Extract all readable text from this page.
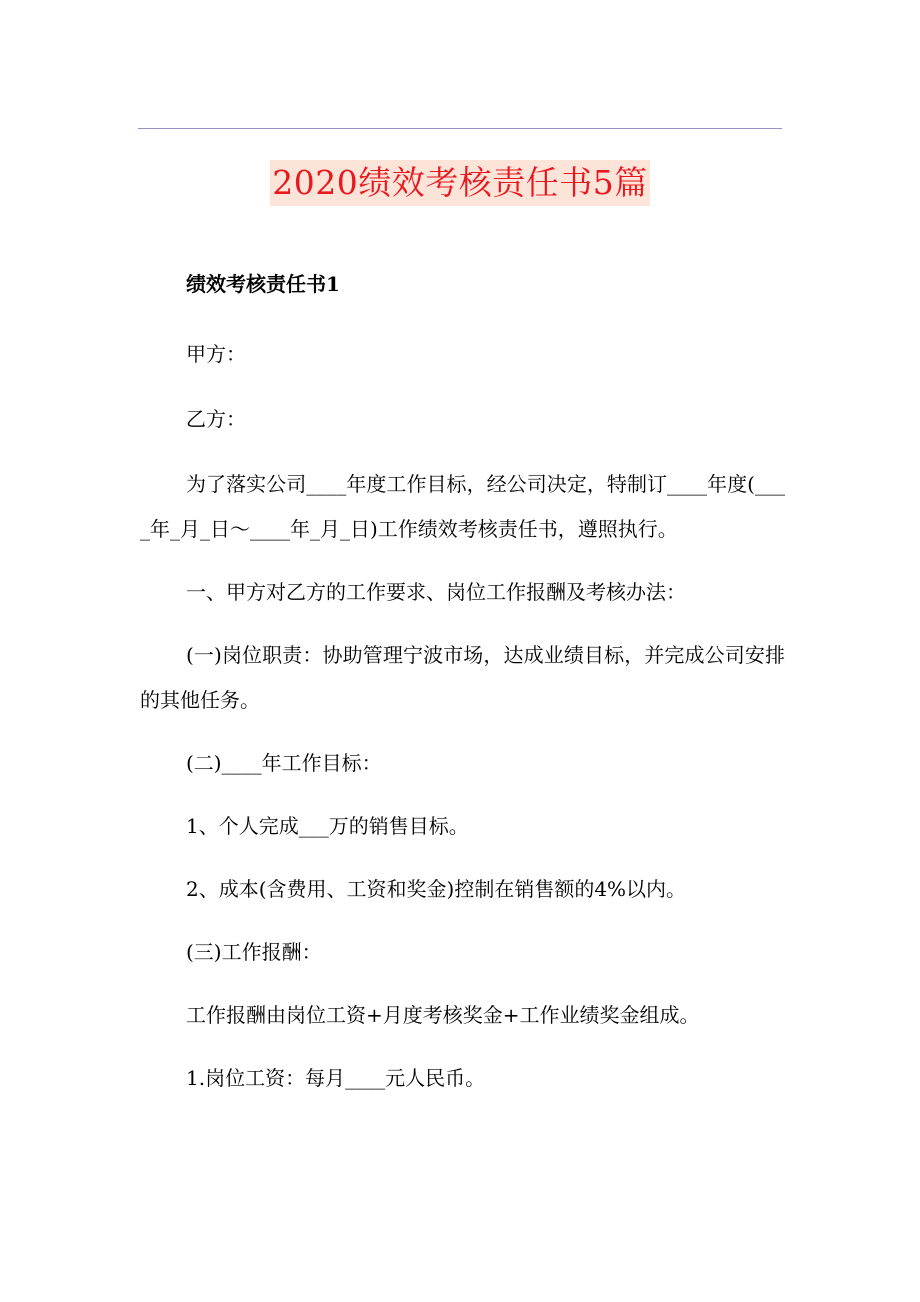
2020绩效考核责任书5篇

绩效考核责任书1

甲方：

乙方：

为了落实公司____年度工作目标，经公司决定，特制订____年度(____年_月_日～____年_月_日)工作绩效考核责任书，遵照执行。

一、甲方对乙方的工作要求、岗位工作报酬及考核办法：

(一)岗位职责：协助管理宁波市场，达成业绩目标，并完成公司安排的其他任务。

(二)____年工作目标：

1、个人完成___万的销售目标。

2、成本(含费用、工资和奖金)控制在销售额的4%以内。

(三)工作报酬：

工作报酬由岗位工资+月度考核奖金+工作业绩奖金组成。

1.岗位工资：每月____元人民币。
